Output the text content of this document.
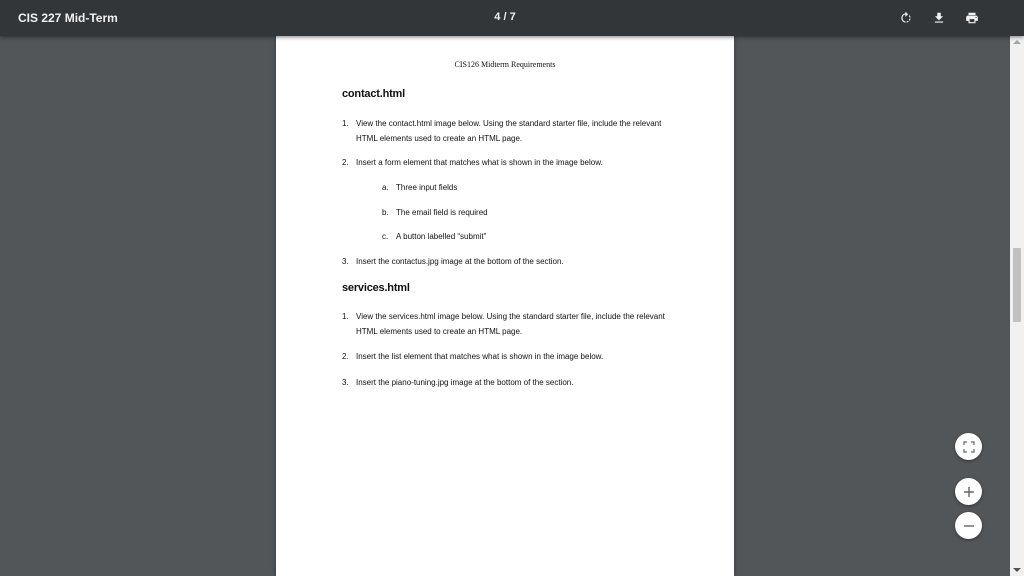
CIS 227 Mid-Term	4 / 7
CIS126 Midterm Requirements
contact.html
1. View the contact.html image below. Using the standard starter file, include the relevant HTML elements used to create an HTML page.
2. Insert a form element that matches what is shown in the image below.
a. Three input fields
b. The email field is required
c. A button labelled “submit”
3. Insert the contactus.jpg image at the bottom of the section.
services.html
1. View the services.html image below. Using the standard starter file, include the relevant HTML elements used to create an HTML page.
2. Insert the list element that matches what is shown in the image below.
3. Insert the piano-tuning.jpg image at the bottom of the section.
